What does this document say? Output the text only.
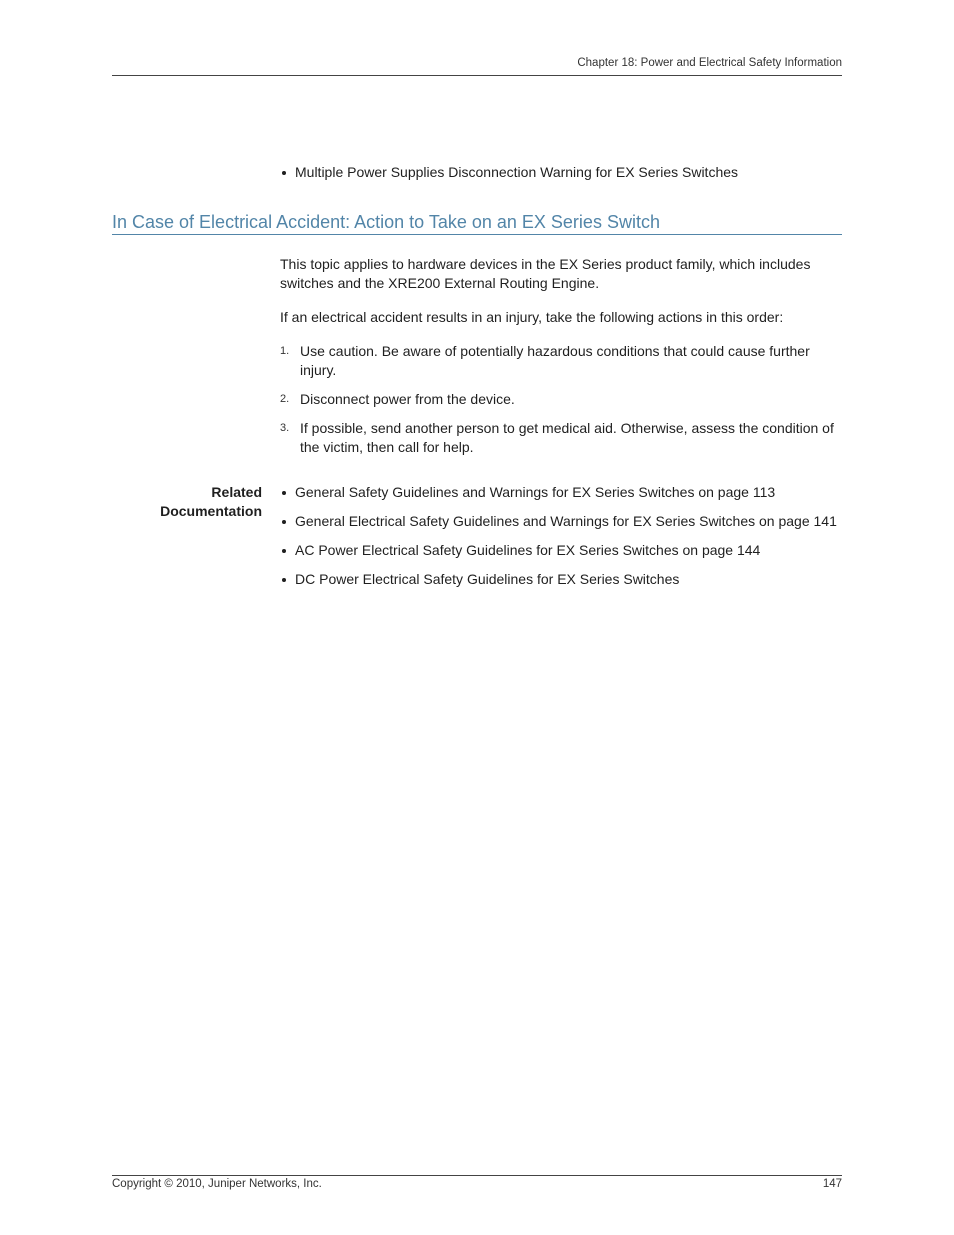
Chapter 18: Power and Electrical Safety Information
Multiple Power Supplies Disconnection Warning for EX Series Switches
In Case of Electrical Accident: Action to Take on an EX Series Switch

This topic applies to hardware devices in the EX Series product family, which includes switches and the XRE200 External Routing Engine.

If an electrical accident results in an injury, take the following actions in this order:

1. Use caution. Be aware of potentially hazardous conditions that could cause further injury.
2. Disconnect power from the device.
3. If possible, send another person to get medical aid. Otherwise, assess the condition of the victim, then call for help.
Related
Documentation
General Safety Guidelines and Warnings for EX Series Switches on page 113
General Electrical Safety Guidelines and Warnings for EX Series Switches on page 141
AC Power Electrical Safety Guidelines for EX Series Switches on page 144
DC Power Electrical Safety Guidelines for EX Series Switches
Copyright © 2010, Juniper Networks, Inc.	147
